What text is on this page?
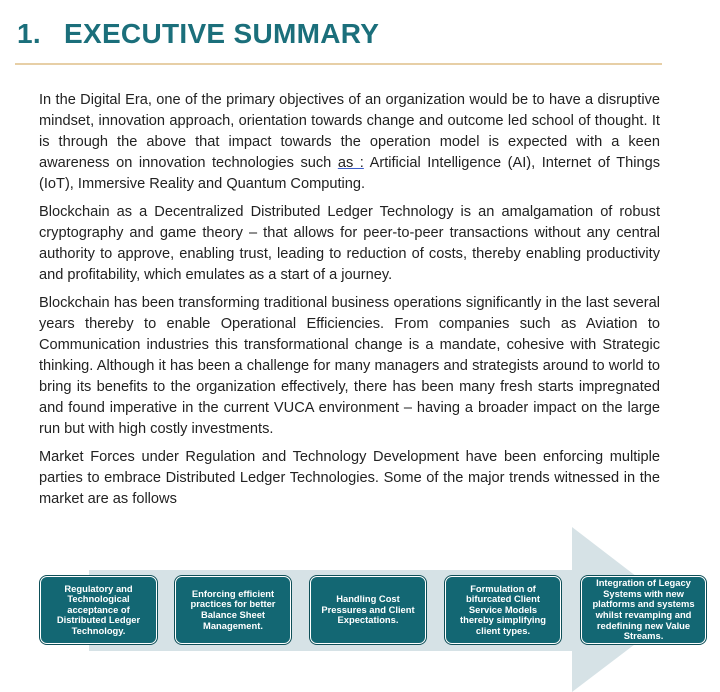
1. EXECUTIVE SUMMARY

In the Digital Era, one of the primary objectives of an organization would be to have a disruptive mindset, innovation approach, orientation towards change and outcome led school of thought. It is through the above that impact towards the operation model is expected with a keen awareness on innovation technologies such as : Artificial Intelligence (AI), Internet of Things (IoT), Immersive Reality and Quantum Computing.

Blockchain as a Decentralized Distributed Ledger Technology is an amalgamation of robust cryptography and game theory – that allows for peer-to-peer transactions without any central authority to approve, enabling trust, leading to reduction of costs, thereby enabling productivity and profitability, which emulates as a start of a journey.

Blockchain has been transforming traditional business operations significantly in the last several years thereby to enable Operational Efficiencies. From companies such as Aviation to Communication industries this transformational change is a mandate, cohesive with Strategic thinking. Although it has been a challenge for many managers and strategists around to world to bring its benefits to the organization effectively, there has been many fresh starts impregnated and found imperative in the current VUCA environment – having a broader impact on the large run but with high costly investments.

Market Forces under Regulation and Technology Development have been enforcing multiple parties to embrace Distributed Ledger Technologies. Some of the major trends witnessed in the market are as follows

Regulatory and Technological acceptance of Distributed Ledger Technology.
Enforcing efficient practices for better Balance Sheet Management.
Handling Cost Pressures and Client Expectations.
Formulation of bifurcated Client Service Models thereby simplifying client types.
Integration of Legacy Systems with new platforms and systems whilst revamping and redefining new Value Streams.
